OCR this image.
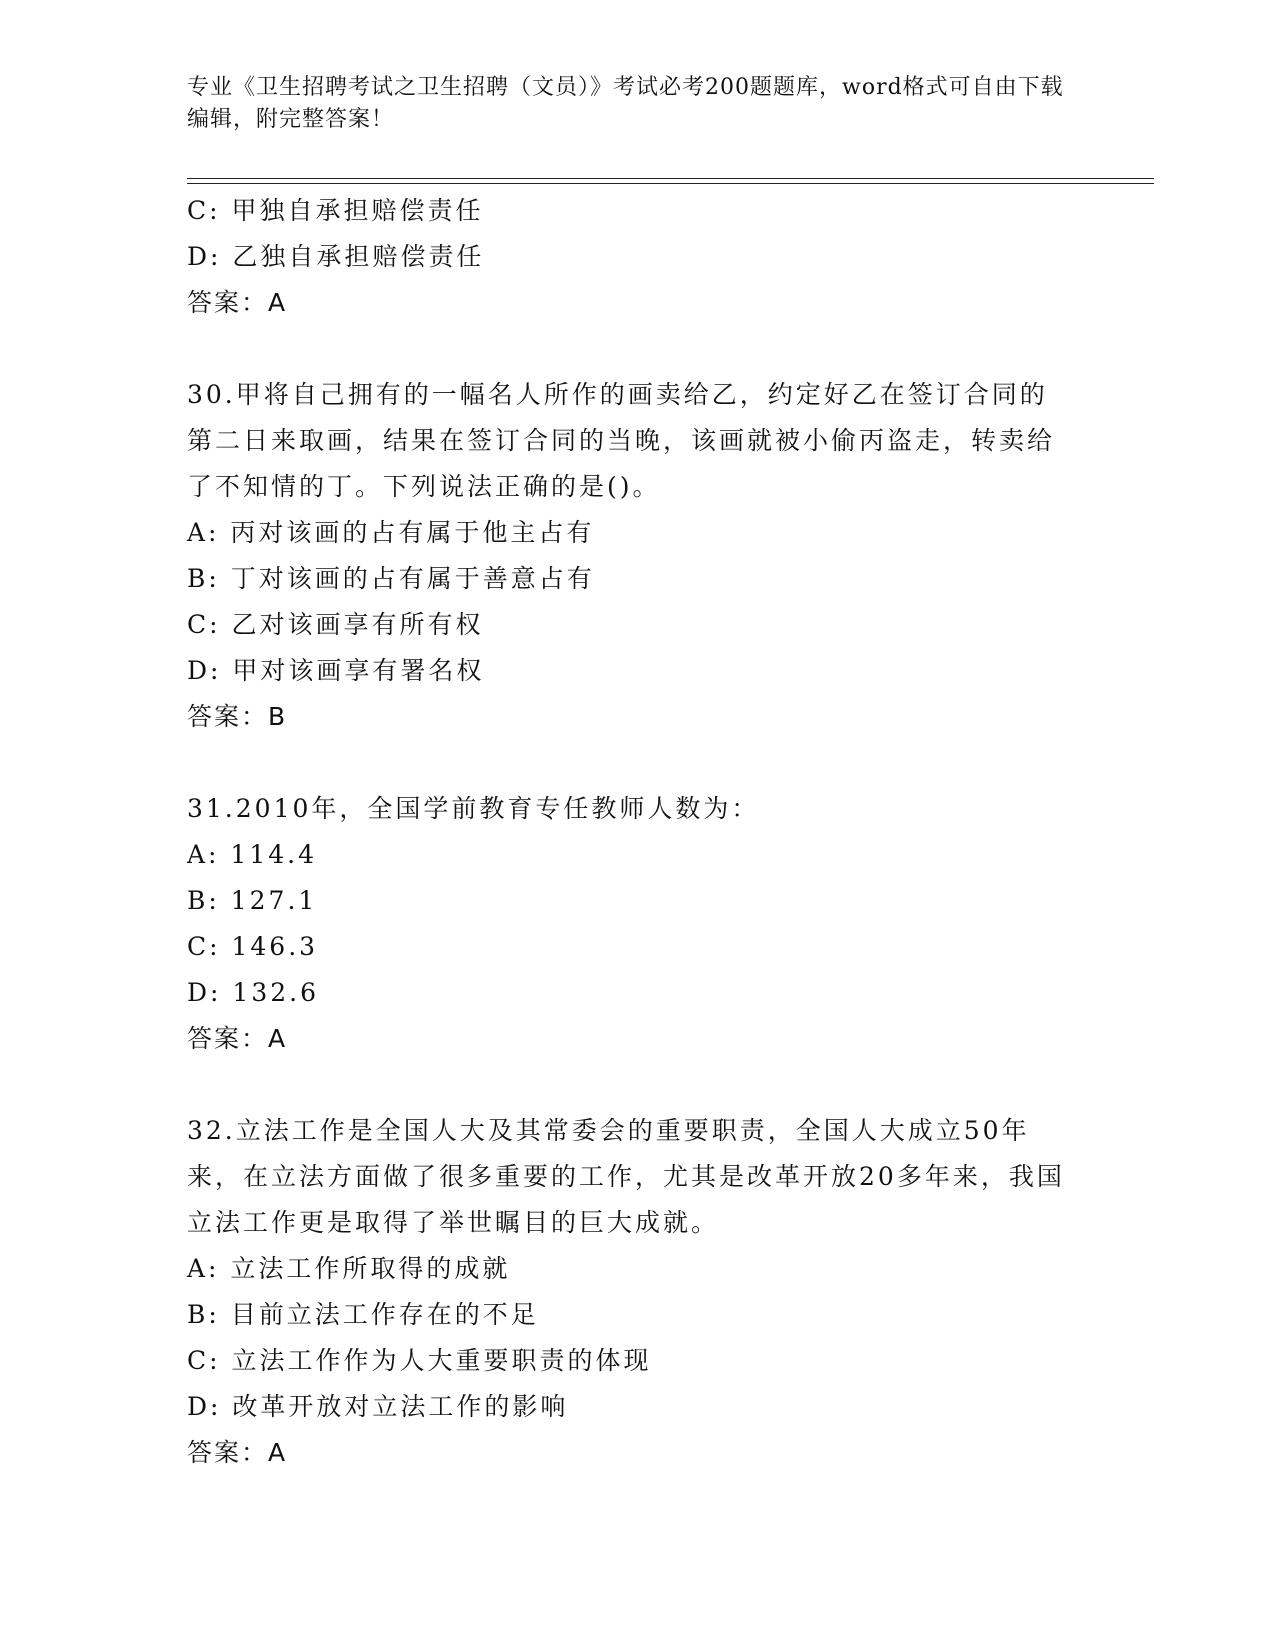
专业《卫生招聘考试之卫生招聘（文员）》考试必考200题题库，word格式可自由下载编辑，附完整答案！
C: 甲独自承担赔偿责任
D: 乙独自承担赔偿责任
答案：A
30.甲将自己拥有的一幅名人所作的画卖给乙，约定好乙在签订合同的第二日来取画，结果在签订合同的当晚，该画就被小偷丙盗走，转卖给了不知情的丁。下列说法正确的是()。
A: 丙对该画的占有属于他主占有
B: 丁对该画的占有属于善意占有
C: 乙对该画享有所有权
D: 甲对该画享有署名权
答案：B
31.2010年，全国学前教育专任教师人数为：
A: 114.4
B: 127.1
C: 146.3
D: 132.6
答案：A
32.立法工作是全国人大及其常委会的重要职责，全国人大成立50年来，在立法方面做了很多重要的工作，尤其是改革开放20多年来，我国立法工作更是取得了举世瞩目的巨大成就。
A: 立法工作所取得的成就
B: 目前立法工作存在的不足
C: 立法工作作为人大重要职责的体现
D: 改革开放对立法工作的影响
答案：A
